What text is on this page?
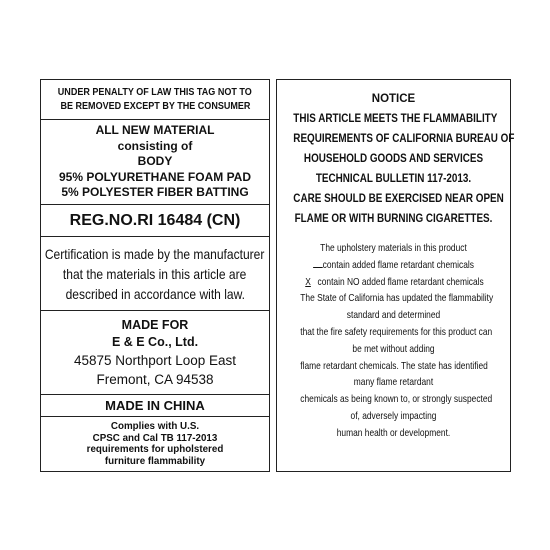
UNDER PENALTY OF LAW THIS TAG NOT TO
BE REMOVED EXCEPT BY THE CONSUMER
ALL NEW MATERIAL
consisting of
BODY
95% POLYURETHANE FOAM PAD
5% POLYESTER FIBER BATTING
REG.NO.RI 16484 (CN)
Certification is made by the manufacturer
that the materials in this article are
described in accordance with law.
MADE FOR
E & E Co., Ltd.
45875 Northport Loop East
Fremont, CA 94538
MADE IN CHINA
Complies with U.S.
CPSC and Cal TB 117-2013
requirements for upholstered
furniture flammability
NOTICE
THIS ARTICLE MEETS THE FLAMMABILITY
REQUIREMENTS OF CALIFORNIA BUREAU OF
HOUSEHOLD GOODS AND SERVICES
TECHNICAL BULLETIN 117-2013.
CARE SHOULD BE EXERCISED NEAR OPEN
FLAME OR WITH BURNING CIGARETTES.
The upholstery materials in this product
contain added flame retardant chemicals
X contain NO added flame retardant chemicals
The State of California has updated the flammability
standard and determined
that the fire safety requirements for this product can
be met without adding
flame retardant chemicals. The state has identified
many flame retardant
chemicals as being known to, or strongly suspected
of, adversely impacting
human health or development.
